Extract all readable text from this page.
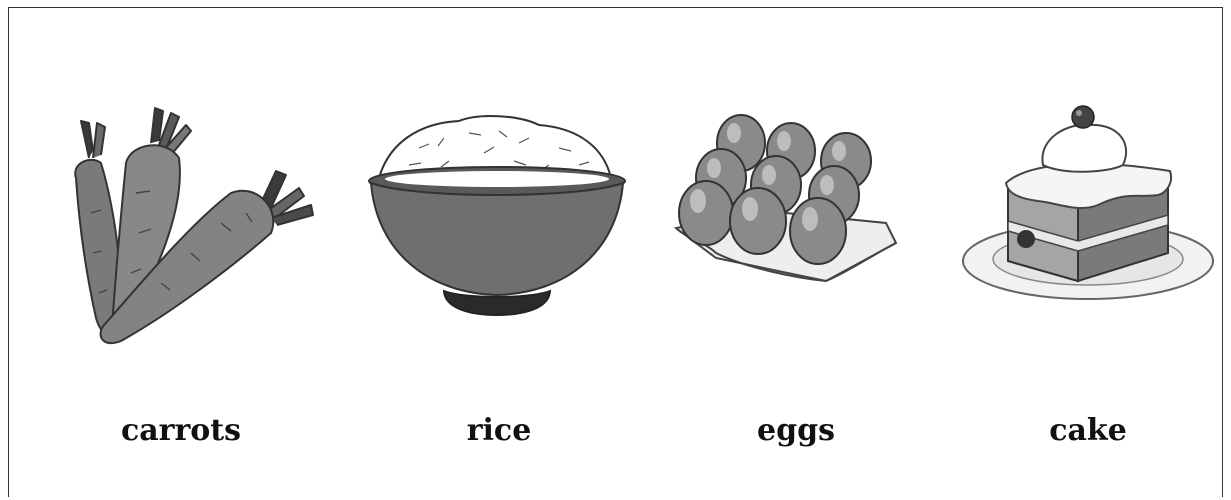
carrots	rice	eggs	cake
